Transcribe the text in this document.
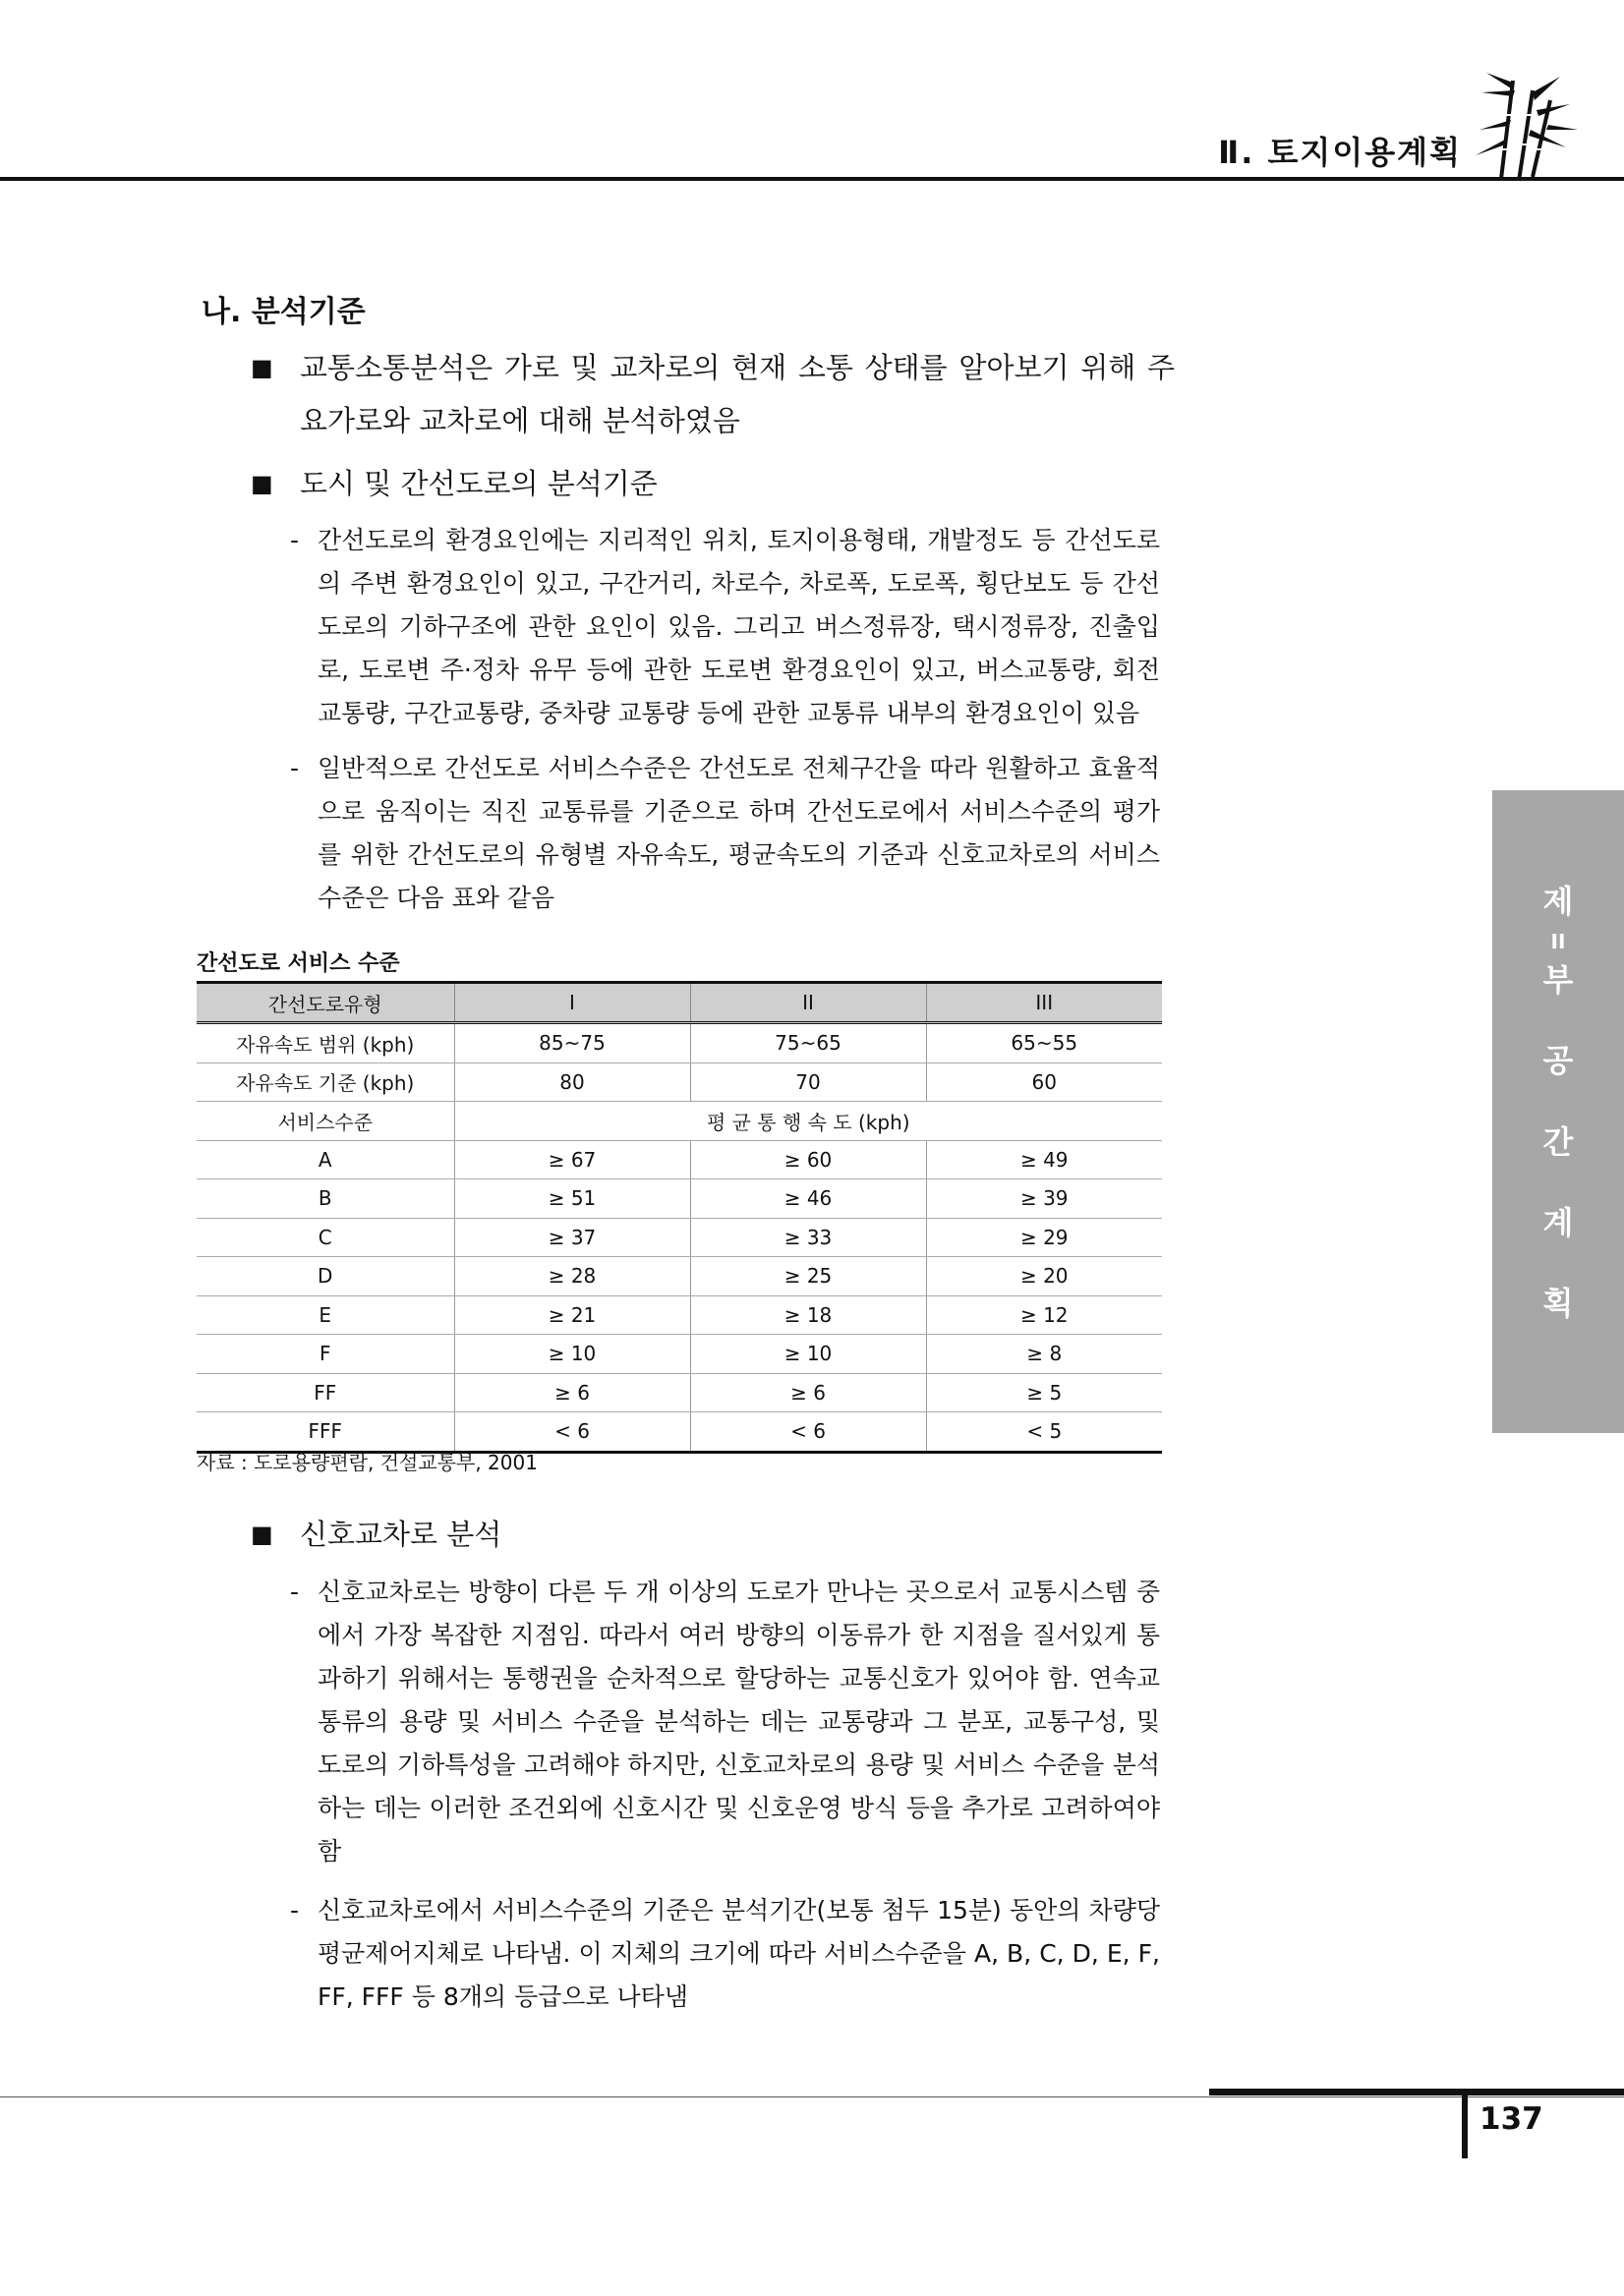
Ⅱ. 토지이용계획
나. 분석기준
■ 교통소통분석은 가로 및 교차로의 현재 소통 상태를 알아보기 위해 주요가로와 교차로에 대해 분석하였음
■ 도시 및 간선도로의 분석기준
- 간선도로의 환경요인에는 지리적인 위치, 토지이용형태, 개발정도 등 간선도로의 주변 환경요인이 있고, 구간거리, 차로수, 차로폭, 도로폭, 횡단보도 등 간선도로의 기하구조에 관한 요인이 있음. 그리고 버스정류장, 택시정류장, 진출입로, 도로변 주·정차 유무 등에 관한 도로변 환경요인이 있고, 버스교통량, 회전교통량, 구간교통량, 중차량 교통량 등에 관한 교통류 내부의 환경요인이 있음
- 일반적으로 간선도로 서비스수준은 간선도로 전체구간을 따라 원활하고 효율적으로 움직이는 직진 교통류를 기준으로 하며 간선도로에서 서비스수준의 평가를 위한 간선도로의 유형별 자유속도, 평균속도의 기준과 신호교차로의 서비스수준은 다음 표와 같음
간선도로 서비스 수준
간선도로유형	I	II	III
자유속도 범위 (kph)	85~75	75~65	65~55
자유속도 기준 (kph)	80	70	60
서비스수준	평 균 통 행 속 도 (kph)		
A	≥ 67	≥ 60	≥ 49
B	≥ 51	≥ 46	≥ 39
C	≥ 37	≥ 33	≥ 29
D	≥ 28	≥ 25	≥ 20
E	≥ 21	≥ 18	≥ 12
F	≥ 10	≥ 10	≥ 8
FF	≥ 6	≥ 6	≥ 5
FFF	< 6	< 6	< 5
자료 : 도로용량편람, 건설교통부, 2001
■ 신호교차로 분석
- 신호교차로는 방향이 다른 두 개 이상의 도로가 만나는 곳으로서 교통시스템 중에서 가장 복잡한 지점임. 따라서 여러 방향의 이동류가 한 지점을 질서있게 통과하기 위해서는 통행권을 순차적으로 할당하는 교통신호가 있어야 함. 연속교통류의 용량 및 서비스 수준을 분석하는 데는 교통량과 그 분포, 교통구성, 및 도로의 기하특성을 고려해야 하지만, 신호교차로의 용량 및 서비스 수준을 분석하는 데는 이러한 조건외에 신호시간 및 신호운영 방식 등을 추가로 고려하여야 함
- 신호교차로에서 서비스수준의 기준은 분석기간(보통 첨두 15분) 동안의 차량당 평균제어지체로 나타냄. 이 지체의 크기에 따라 서비스수준을 A, B, C, D, E, F, FF, FFF 등 8개의 등급으로 나타냄
제
II
부
공
간
계
획
137
